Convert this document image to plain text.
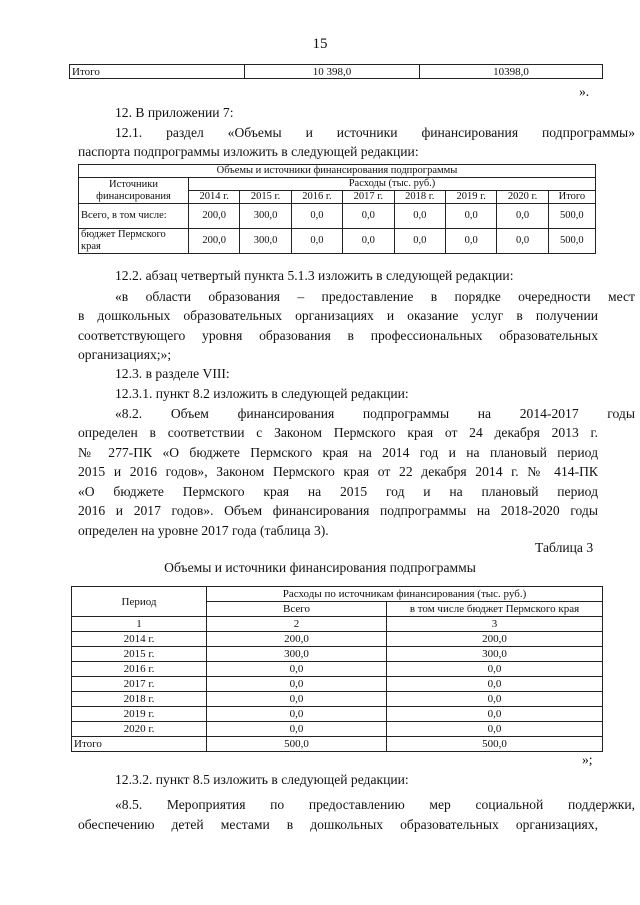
15
Итого	10 398,0	10398,0
».
12. В приложении 7:
12.1. раздел «Объемы и источники финансирования подпрограммы»
паспорта подпрограммы изложить в следующей редакции:
Объемы и источники финансирования подпрограммы								
Источники финансирования	Расходы (тыс. руб.)							
	2014 г.	2015 г.	2016 г.	2017 г.	2018 г.	2019 г.	2020 г.	Итого
Всего, в том числе:	200,0	300,0	0,0	0,0	0,0	0,0	0,0	500,0
бюджет Пермского края	200,0	300,0	0,0	0,0	0,0	0,0	0,0	500,0
12.2. абзац четвертый пункта 5.1.3 изложить в следующей редакции:
«в области образования – предоставление в порядке очередности мест
в дошкольных образовательных организациях и оказание услуг в получении
соответствующего уровня образования в профессиональных образовательных
организациях;»;
12.3. в разделе VIII:
12.3.1. пункт 8.2 изложить в следующей редакции:
«8.2. Объем финансирования подпрограммы на 2014-2017 годы
определен в соответствии с Законом Пермского края от 24 декабря 2013 г.
№ 277-ПК «О бюджете Пермского края на 2014 год и на плановый период
2015 и 2016 годов», Законом Пермского края от 22 декабря 2014 г. № 414-ПК
«О бюджете Пермского края на 2015 год и на плановый период
2016 и 2017 годов». Объем финансирования подпрограммы на 2018-2020 годы
определен на уровне 2017 года (таблица 3).
Таблица 3
Объемы и источники финансирования подпрограммы
Период	Расходы по источникам финансирования (тыс. руб.)	
	Всего	в том числе бюджет Пермского края
1	2	3
2014 г.	200,0	200,0
2015 г.	300,0	300,0
2016 г.	0,0	0,0
2017 г.	0,0	0,0
2018 г.	0,0	0,0
2019 г.	0,0	0,0
2020 г.	0,0	0,0
Итого	500,0	500,0
»;
12.3.2. пункт 8.5 изложить в следующей редакции:
«8.5. Мероприятия по предоставлению мер социальной поддержки,
обеспечению детей местами в дошкольных образовательных организациях,
